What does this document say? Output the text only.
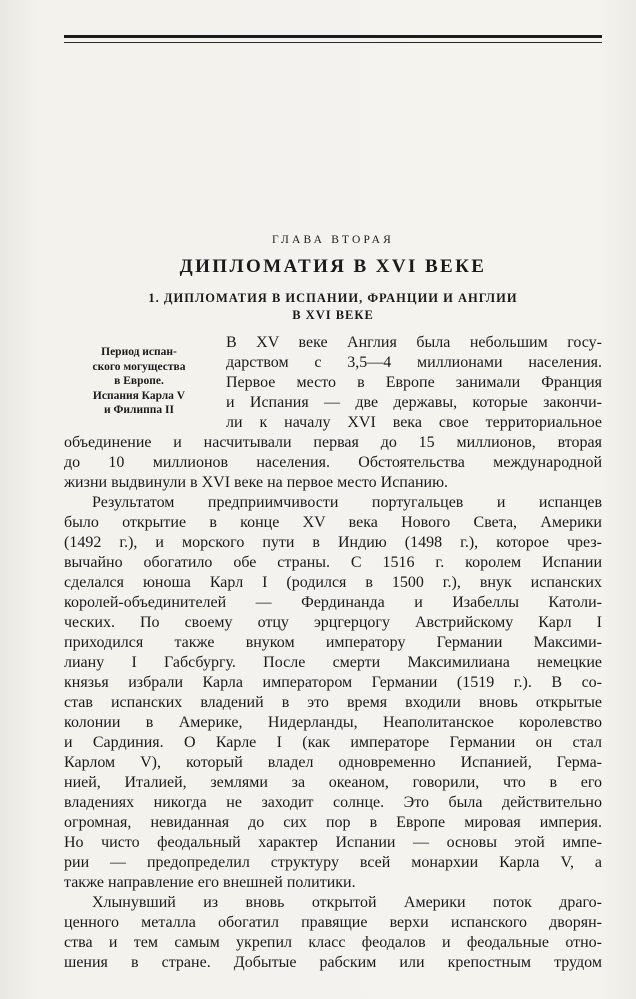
ГЛАВА ВТОРАЯ
ДИПЛОМАТИЯ В XVI ВЕКЕ
1. ДИПЛОМАТИЯ В ИСПАНИИ, ФРАНЦИИ И АНГЛИИ
В XVI ВЕКЕ
Период испан-
ского могущества
в Европе.
Испания Карла V
и Филиппа II
В XV веке Англия была небольшим госу-
дарством с 3,5—4 миллионами населения.
Первое место в Европе занимали Франция
и Испания — две державы, которые закончи-
ли к началу XVI века свое территориальное
объединение и насчитывали первая до 15 миллионов, вторая
до 10 миллионов населения. Обстоятельства международной
жизни выдвинули в XVI веке на первое место Испанию.
Результатом предприимчивости португальцев и испанцев
было открытие в конце XV века Нового Света, Америки
(1492 г.), и морского пути в Индию (1498 г.), которое чрез-
вычайно обогатило обе страны. С 1516 г. королем Испании
сделался юноша Карл I (родился в 1500 г.), внук испанских
королей-объединителей — Фердинанда и Изабеллы Католи-
ческих. По своему отцу эрцгерцогу Австрийскому Карл I
приходился также внуком императору Германии Максими-
лиану I Габсбургу. После смерти Максимилиана немецкие
князья избрали Карла императором Германии (1519 г.). В со-
став испанских владений в это время входили вновь открытые
колонии в Америке, Нидерланды, Неаполитанское королевство
и Сардиния. О Карле I (как императоре Германии он стал
Карлом V), который владел одновременно Испанией, Герма-
нией, Италией, землями за океаном, говорили, что в его
владениях никогда не заходит солнце. Это была действительно
огромная, невиданная до сих пор в Европе мировая империя.
Но чисто феодальный характер Испании — основы этой импе-
рии — предопределил структуру всей монархии Карла V, а
также направление его внешней политики.
Хлынувший из вновь открытой Америки поток драго-
ценного металла обогатил правящие верхи испанского дворян-
ства и тем самым укрепил класс феодалов и феодальные отно-
шения в стране. Добытые рабским или крепостным трудом
